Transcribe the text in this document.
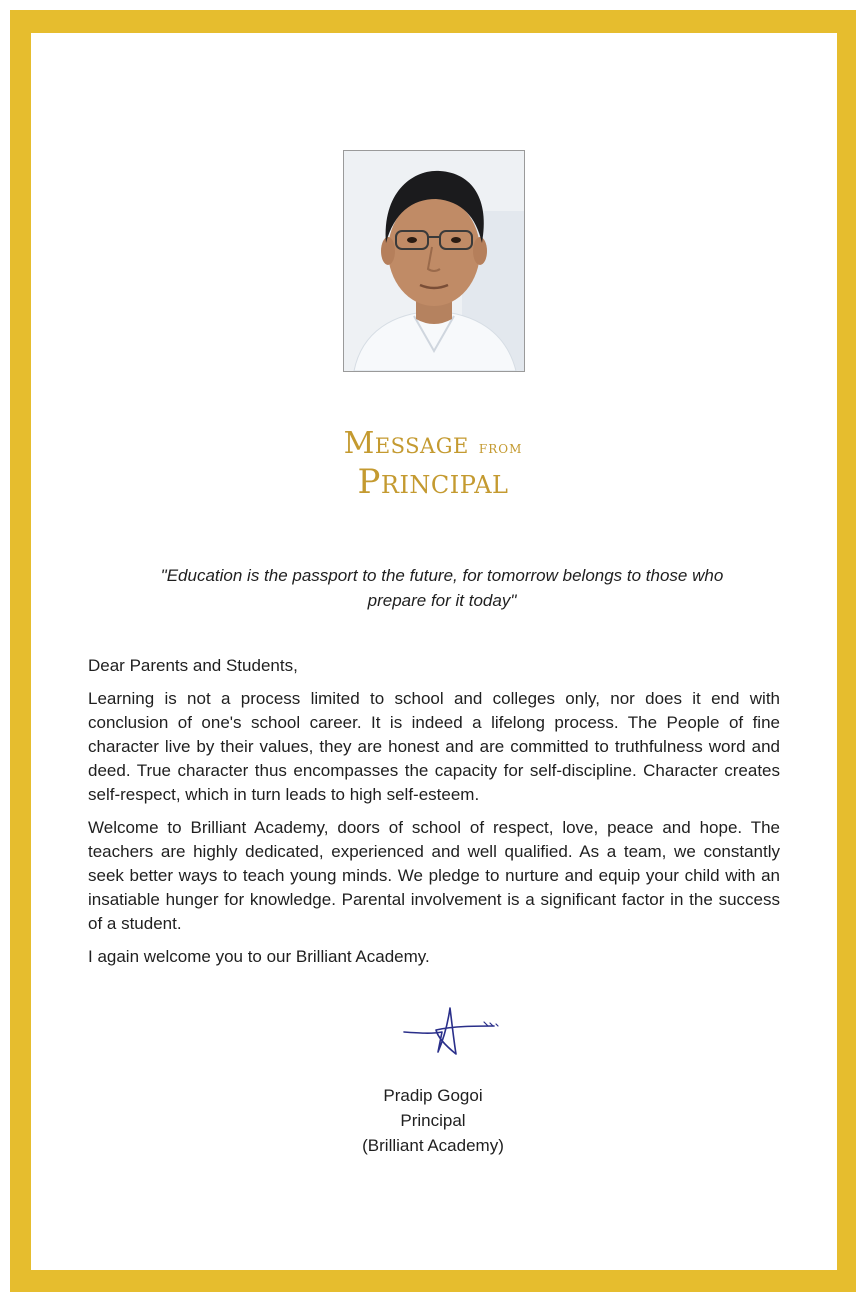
Message from
Principal
"Education is the passport to the future, for tomorrow belongs to those who prepare for it today"

Dear Parents and Students,

Learning is not a process limited to school and colleges only, nor does it end with conclusion of one's school career. It is indeed a lifelong process. The People of fine character live by their values, they are honest and are committed to truthfulness word and deed. True character thus encompasses the capacity for self-discipline. Character creates self-respect, which in turn leads to high self-esteem.

Welcome to Brilliant Academy, doors of school of respect, love, peace and hope. The teachers are highly dedicated, experienced and well qualified. As a team, we constantly seek better ways to teach young minds. We pledge to nurture and equip your child with an insatiable hunger for knowledge. Parental involvement is a significant factor in the success of a student.

I again welcome you to our Brilliant Academy.

Pradip Gogoi
Principal
(Brilliant Academy)
